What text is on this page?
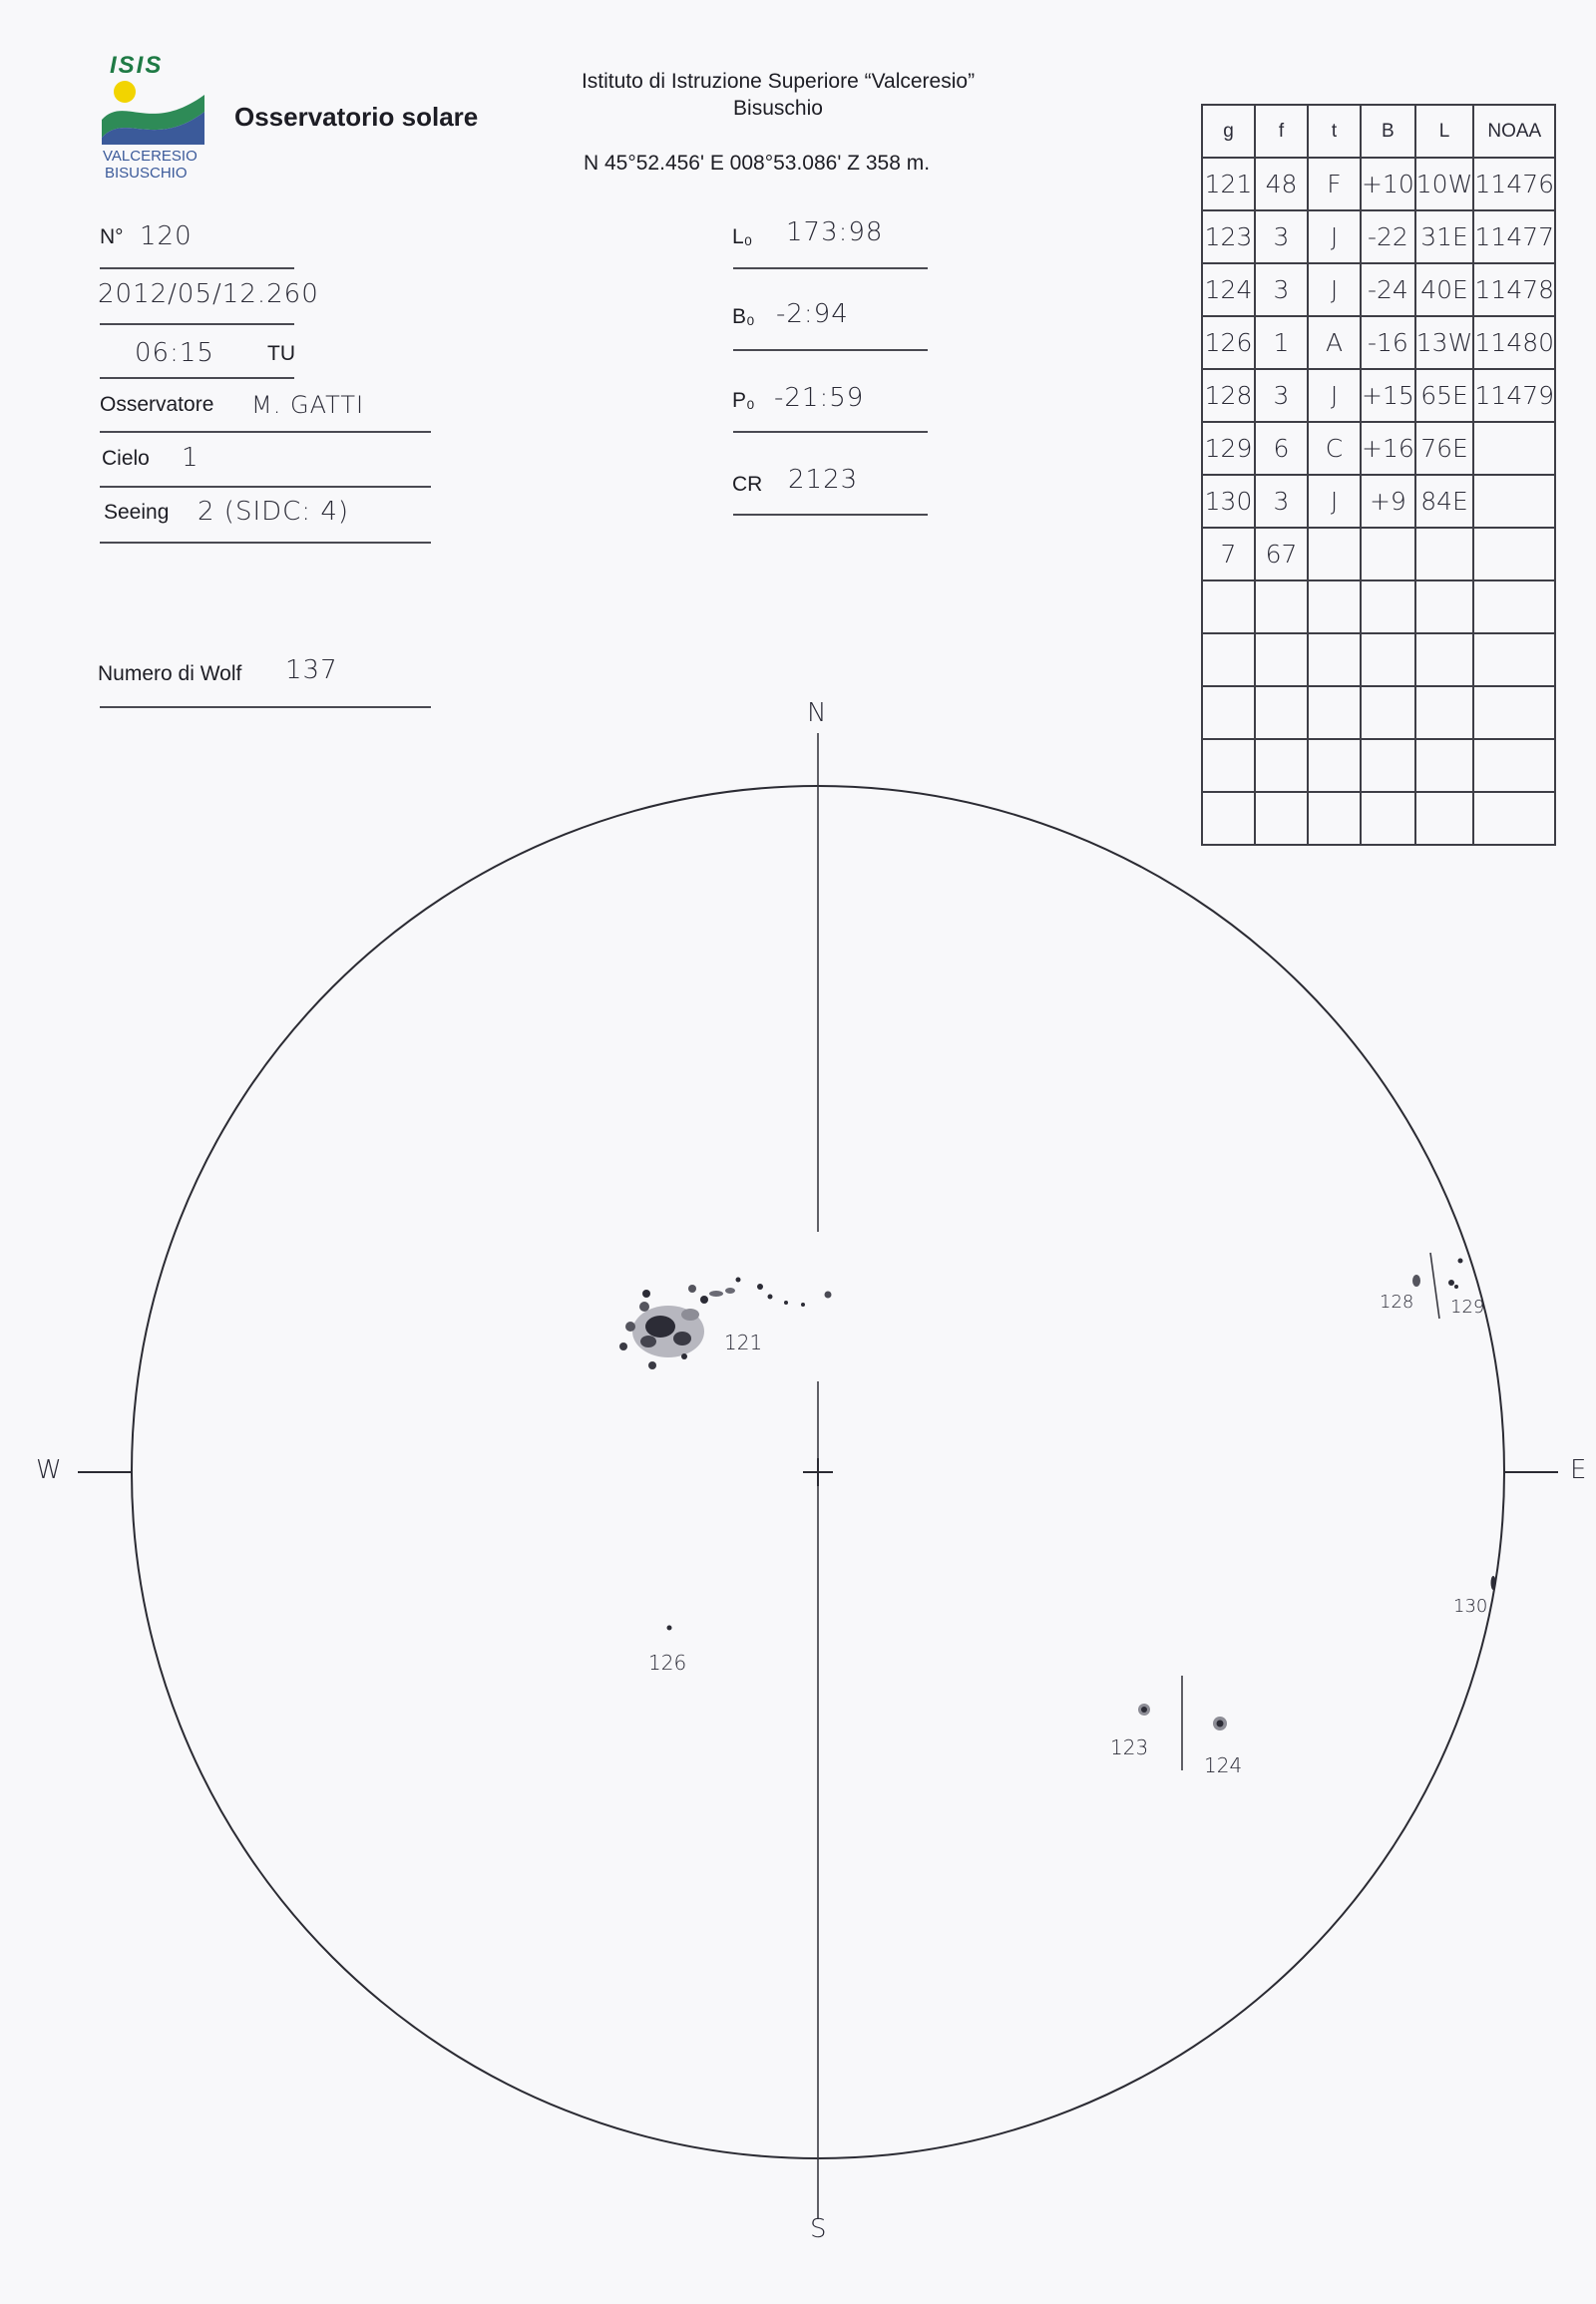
ISIS
VALCERESIO
BISUSCHIO
Osservatorio solare
Istituto di Istruzione Superiore “Valceresio”
Bisuschio
N 45°52.456' E 008°53.086' Z 358 m.
N° 120
2012/05/12.260
06:15	TU
Osservatore M. GATTI
Cielo 1
Seeing 2 (SIDC: 4)
Numero di Wolf 137
L₀ 173:98
B₀ -2:94
P₀ -21:59
CR 2123
g	f	t	B	L	NOAA
121	48	F	+10	10W	11476
123	3	J	-22	31E	11477
124	3	J	-24	40E	11478
126	1	A	-16	13W	11480
128	3	J	+15	65E	11479
129	6	C	+16	76E	
130	3	J	+9	84E	
7	67				

N
S
W	E
121
126
123
124
128 129
130
